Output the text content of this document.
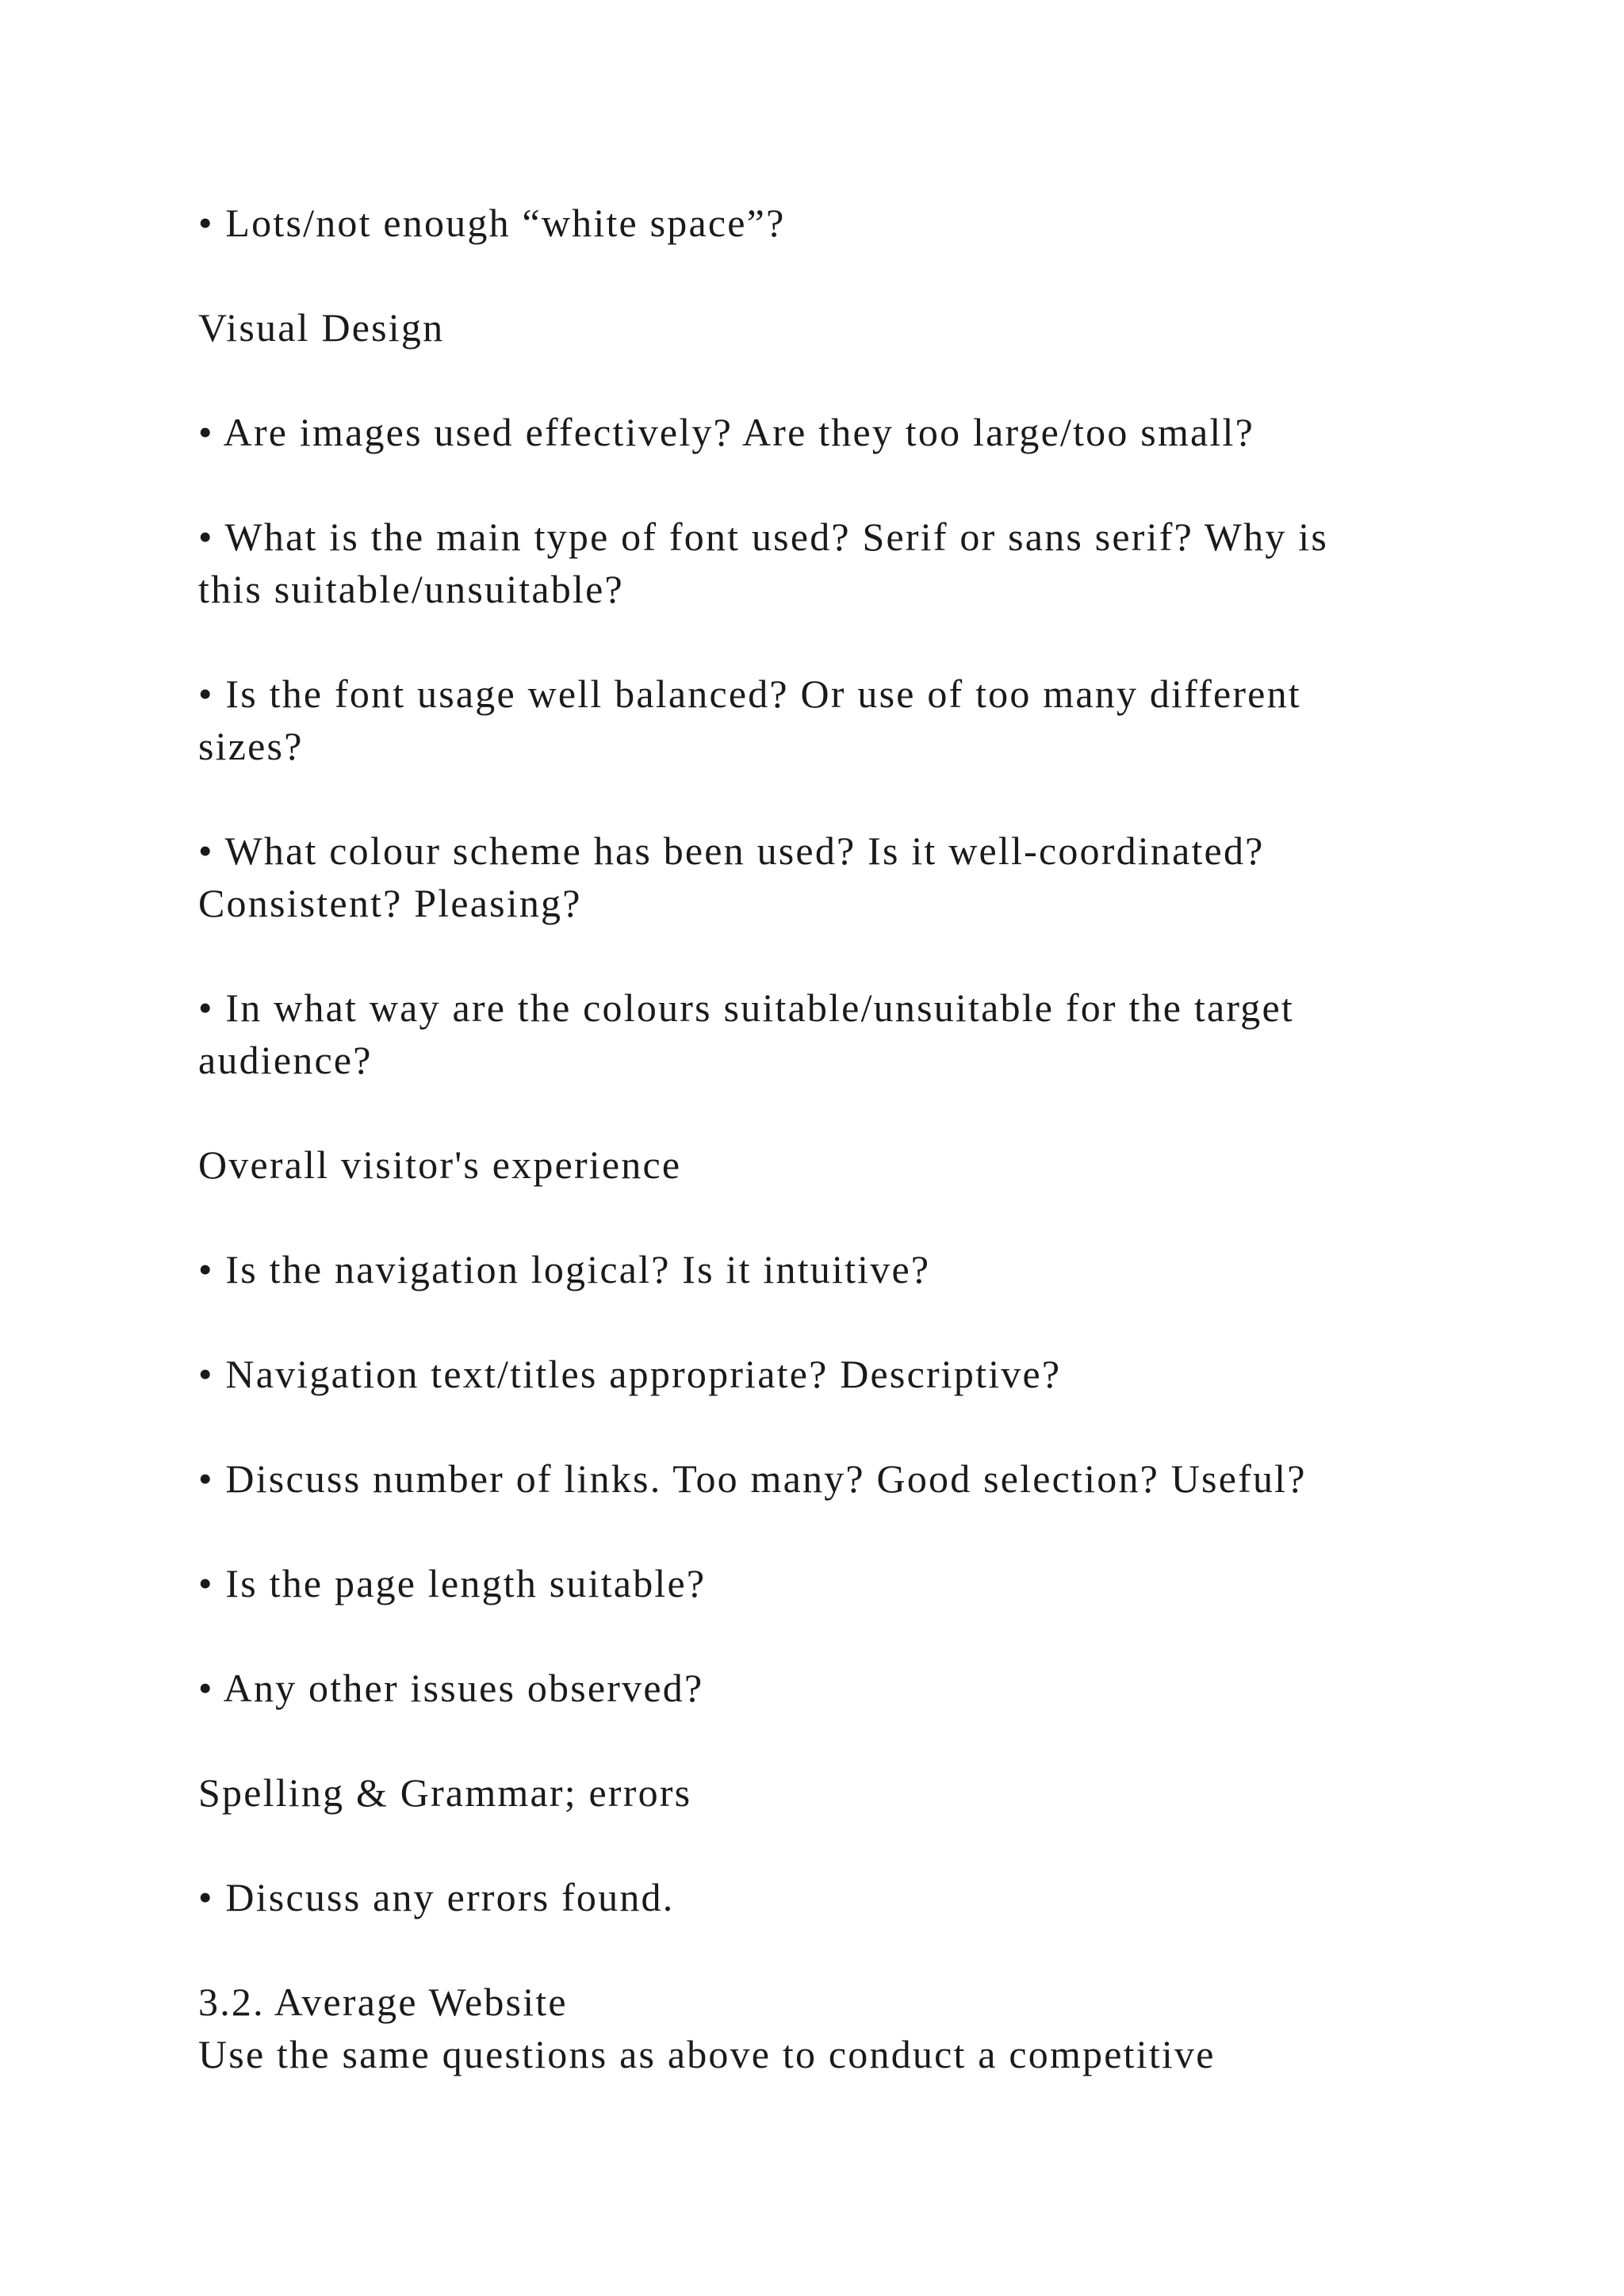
• Lots/not enough “white space”?

Visual Design

• Are images used effectively? Are they too large/too small?

• What is the main type of font used? Serif or sans serif? Why is

this suitable/unsuitable?

• Is the font usage well balanced? Or use of too many different

sizes?

• What colour scheme has been used? Is it well-coordinated?

Consistent? Pleasing?

• In what way are the colours suitable/unsuitable for the target

audience?

Overall visitor's experience

• Is the navigation logical? Is it intuitive?

• Navigation text/titles appropriate? Descriptive?

• Discuss number of links. Too many? Good selection? Useful?

• Is the page length suitable?

• Any other issues observed?

Spelling & Grammar; errors

• Discuss any errors found.

3.2. Average Website

Use the same questions as above to conduct a competitive
